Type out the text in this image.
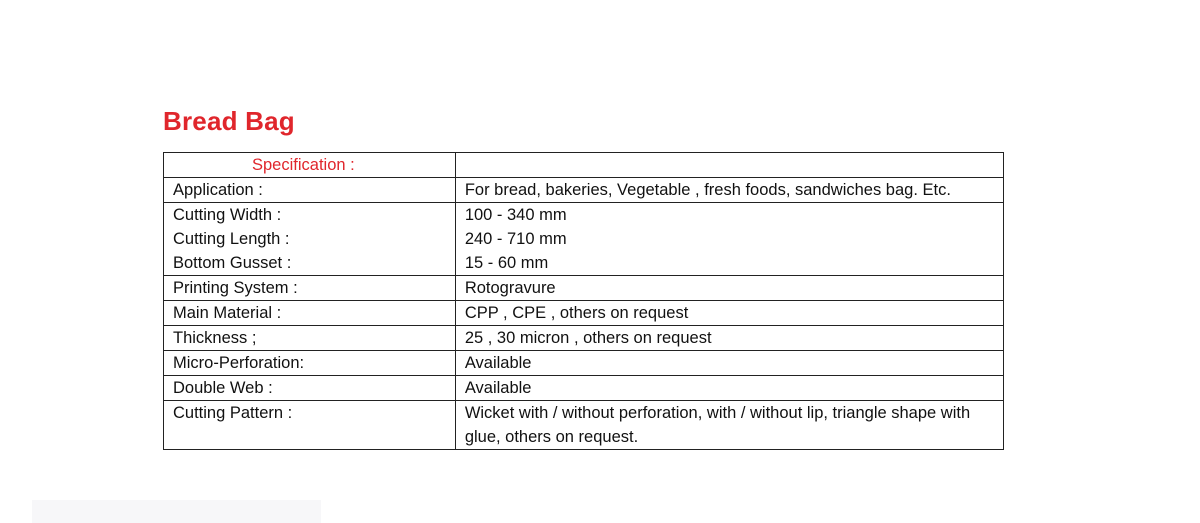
Bread Bag
Specification :	
Application :	For bread, bakeries, Vegetable , fresh foods, sandwiches bag. Etc.
Cutting Width :	100 - 340 mm
Cutting Length :	240 - 710 mm
Bottom Gusset :	15 - 60 mm
Printing System :	Rotogravure
Main Material :	CPP , CPE , others on request
Thickness ;	25 , 30 micron , others on request
Micro-Perforation:	Available
Double Web :	Available
Cutting Pattern :	Wicket with / without perforation, with / without lip, triangle shape with glue, others on request.
